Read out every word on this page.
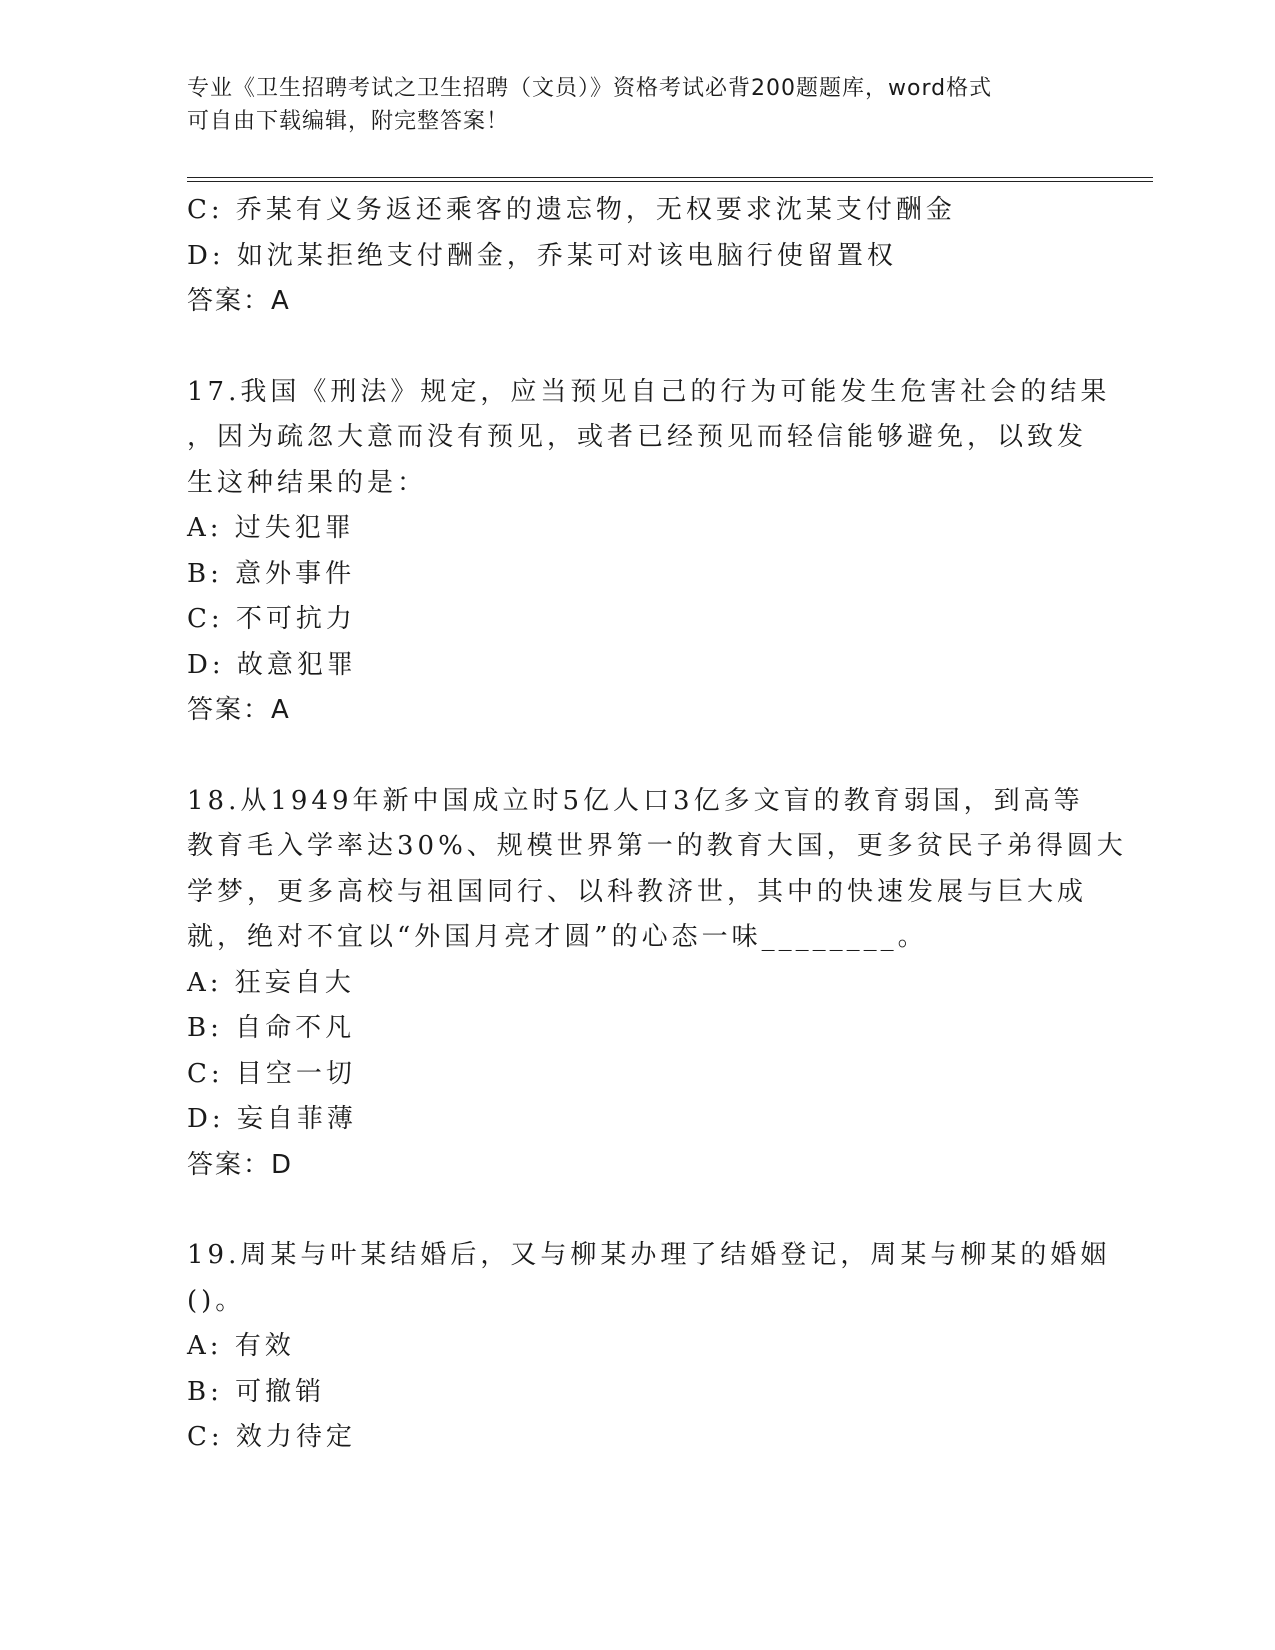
专业《卫生招聘考试之卫生招聘（文员）》资格考试必背200题题库，word格式
可自由下载编辑，附完整答案！
C: 乔某有义务返还乘客的遗忘物，无权要求沈某支付酬金
D: 如沈某拒绝支付酬金，乔某可对该电脑行使留置权
答案：A
17.我国《刑法》规定，应当预见自己的行为可能发生危害社会的结果
，因为疏忽大意而没有预见，或者已经预见而轻信能够避免，以致发
生这种结果的是：
A: 过失犯罪
B: 意外事件
C: 不可抗力
D: 故意犯罪
答案：A
18.从1949年新中国成立时5亿人口3亿多文盲的教育弱国，到高等
教育毛入学率达30%、规模世界第一的教育大国，更多贫民子弟得圆大
学梦，更多高校与祖国同行、以科教济世，其中的快速发展与巨大成
就，绝对不宜以“外国月亮才圆”的心态一味________。
A: 狂妄自大
B: 自命不凡
C: 目空一切
D: 妄自菲薄
答案：D
19.周某与叶某结婚后，又与柳某办理了结婚登记，周某与柳某的婚姻
()。
A: 有效
B: 可撤销
C: 效力待定
